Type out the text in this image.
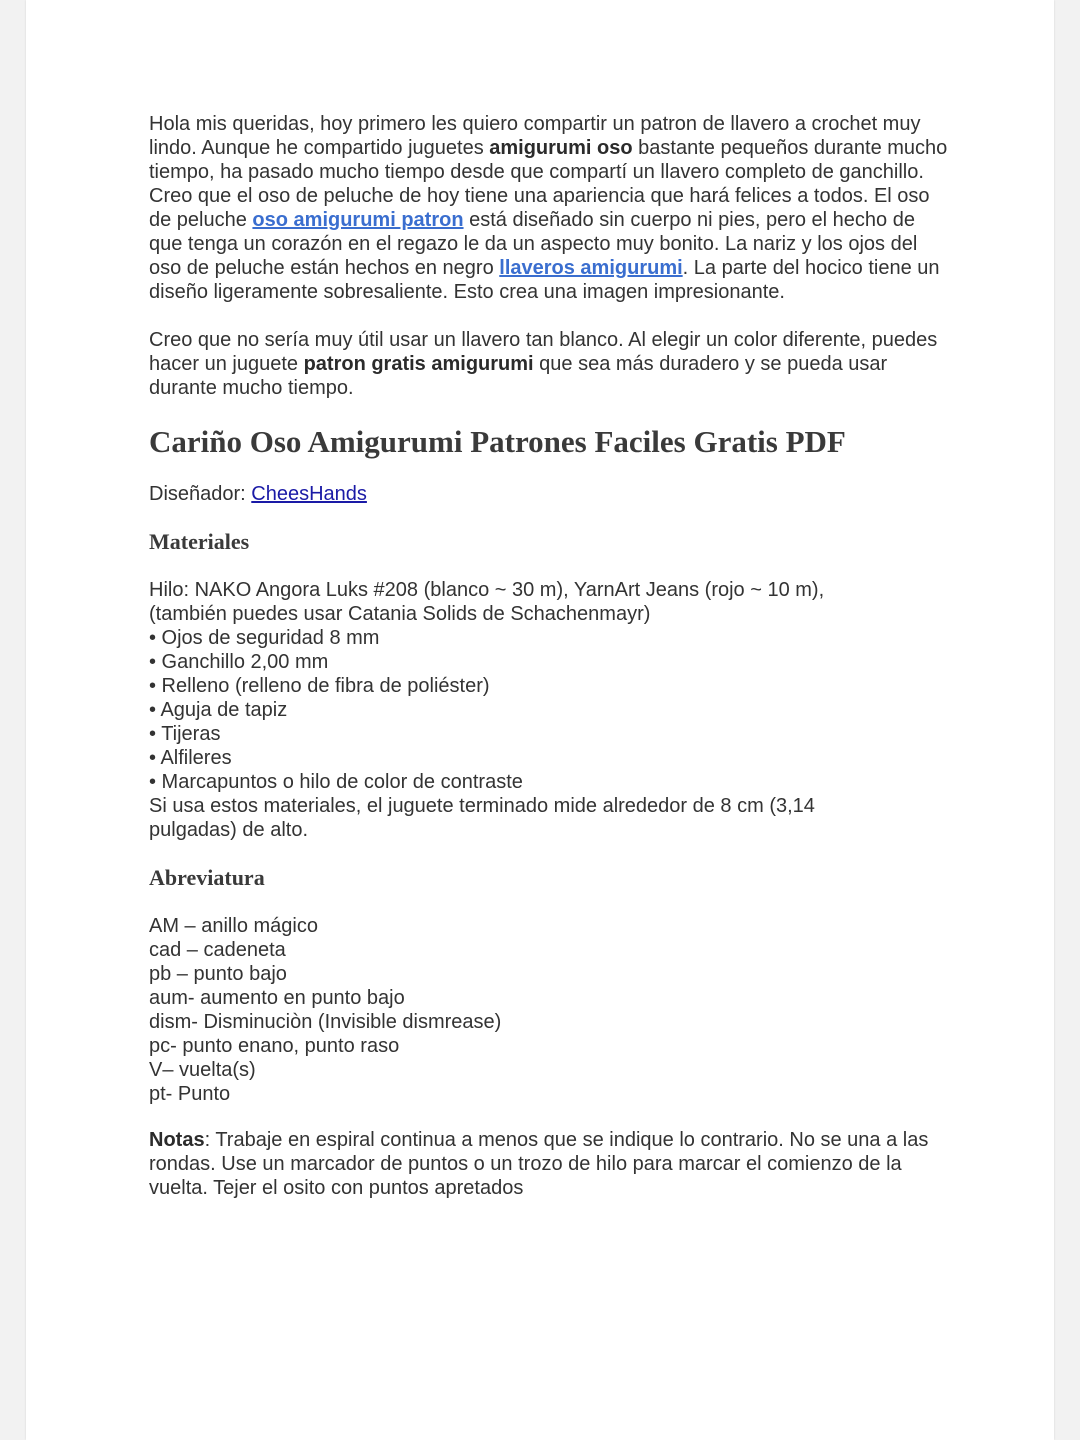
Hola mis queridas, hoy primero les quiero compartir un patron de llavero a crochet muy lindo. Aunque he compartido juguetes amigurumi oso bastante pequeños durante mucho tiempo, ha pasado mucho tiempo desde que compartí un llavero completo de ganchillo. Creo que el oso de peluche de hoy tiene una apariencia que hará felices a todos. El oso de peluche oso amigurumi patron está diseñado sin cuerpo ni pies, pero el hecho de que tenga un corazón en el regazo le da un aspecto muy bonito. La nariz y los ojos del oso de peluche están hechos en negro llaveros amigurumi. La parte del hocico tiene un diseño ligeramente sobresaliente. Esto crea una imagen impresionante.

Creo que no sería muy útil usar un llavero tan blanco. Al elegir un color diferente, puedes hacer un juguete patron gratis amigurumi que sea más duradero y se pueda usar durante mucho tiempo.

Cariño Oso Amigurumi Patrones Faciles Gratis PDF

Diseñador: CheesHands

Materiales

Hilo: NAKO Angora Luks #208 (blanco ~ 30 m), YarnArt Jeans (rojo ~ 10 m),

(también puedes usar Catania Solids de Schachenmayr)

• Ojos de seguridad 8 mm

• Ganchillo 2,00 mm

• Relleno (relleno de fibra de poliéster)

• Aguja de tapiz

• Tijeras

• Alfileres

• Marcapuntos o hilo de color de contraste

Si usa estos materiales, el juguete terminado mide alrededor de 8 cm (3,14

pulgadas) de alto.

Abreviatura

AM – anillo mágico

cad – cadeneta

pb – punto bajo

aum- aumento en punto bajo

dism- Disminuciòn (Invisible dismrease)

pc- punto enano, punto raso

V– vuelta(s)

pt- Punto

Notas: Trabaje en espiral continua a menos que se indique lo contrario. No se una a las rondas. Use un marcador de puntos o un trozo de hilo para marcar el comienzo de la vuelta. Tejer el osito con puntos apretados
